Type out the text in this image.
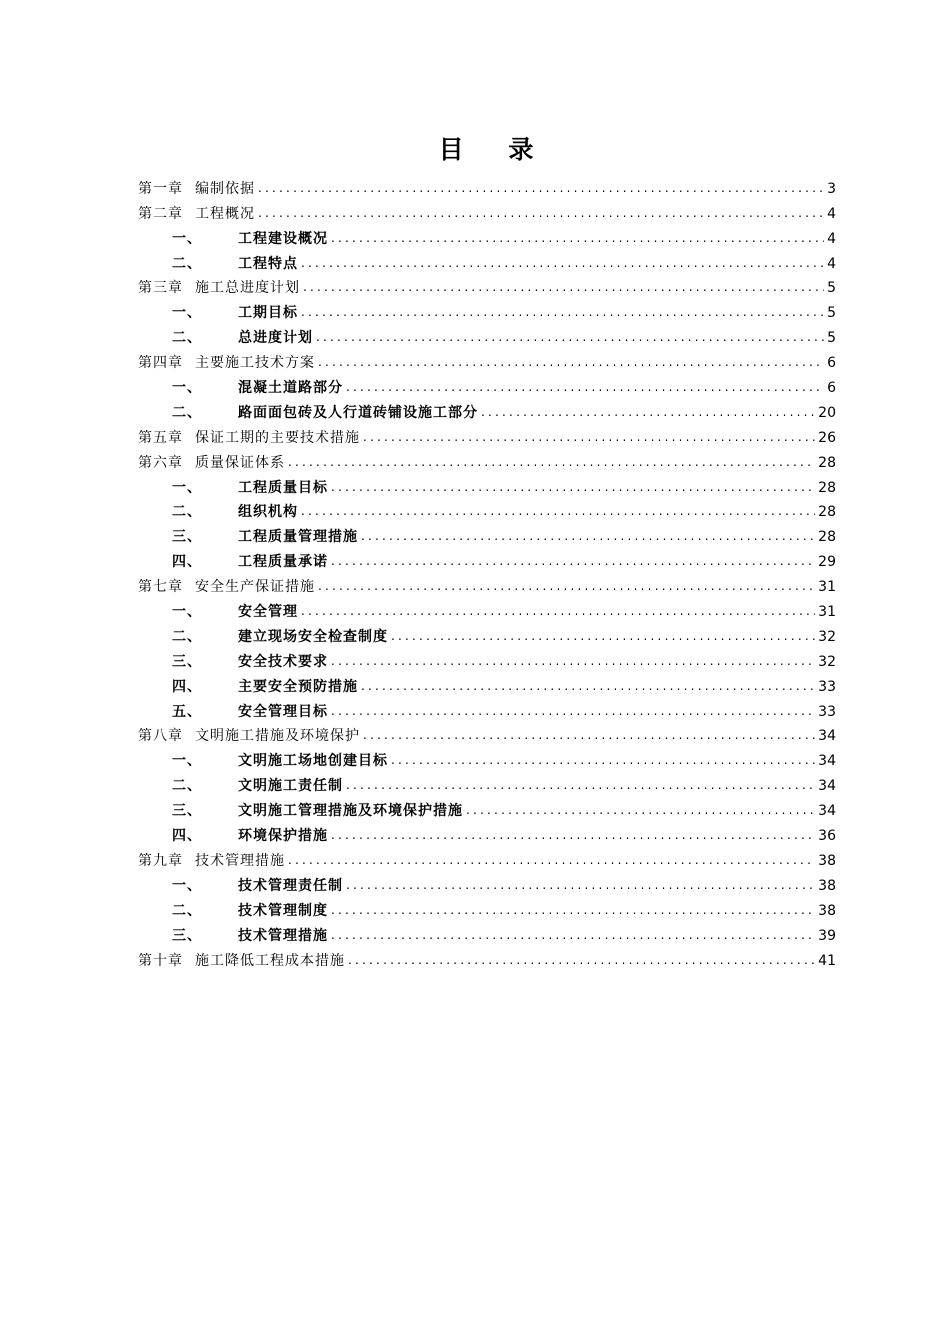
目 录
第一章 编制依据 .....	3
第二章 工程概况 .....	4
一、	工程建设概况 .....	4
二、	工程特点 .....	4
第三章 施工总进度计划 .....	5
一、	工期目标 .....	5
二、	总进度计划 .....	5
第四章 主要施工技术方案 .....	6
一、	混凝土道路部分 .....	6
二、	路面面包砖及人行道砖铺设施工部分 .....	20
第五章 保证工期的主要技术措施 .....	26
第六章 质量保证体系 .....	28
一、	工程质量目标 .....	28
二、	组织机构 .....	28
三、	工程质量管理措施 .....	28
四、	工程质量承诺 .....	29
第七章 安全生产保证措施 .....	31
一、	安全管理 .....	31
二、	建立现场安全检查制度 .....	32
三、	安全技术要求 .....	32
四、	主要安全预防措施 .....	33
五、	安全管理目标 .....	33
第八章 文明施工措施及环境保护 .....	34
一、	文明施工场地创建目标 .....	34
二、	文明施工责任制 .....	34
三、	文明施工管理措施及环境保护措施 .....	34
四、	环境保护措施 .....	36
第九章 技术管理措施 .....	38
一、	技术管理责任制 .....	38
二、	技术管理制度 .....	38
三、	技术管理措施 .....	39
第十章 施工降低工程成本措施 .....	41
